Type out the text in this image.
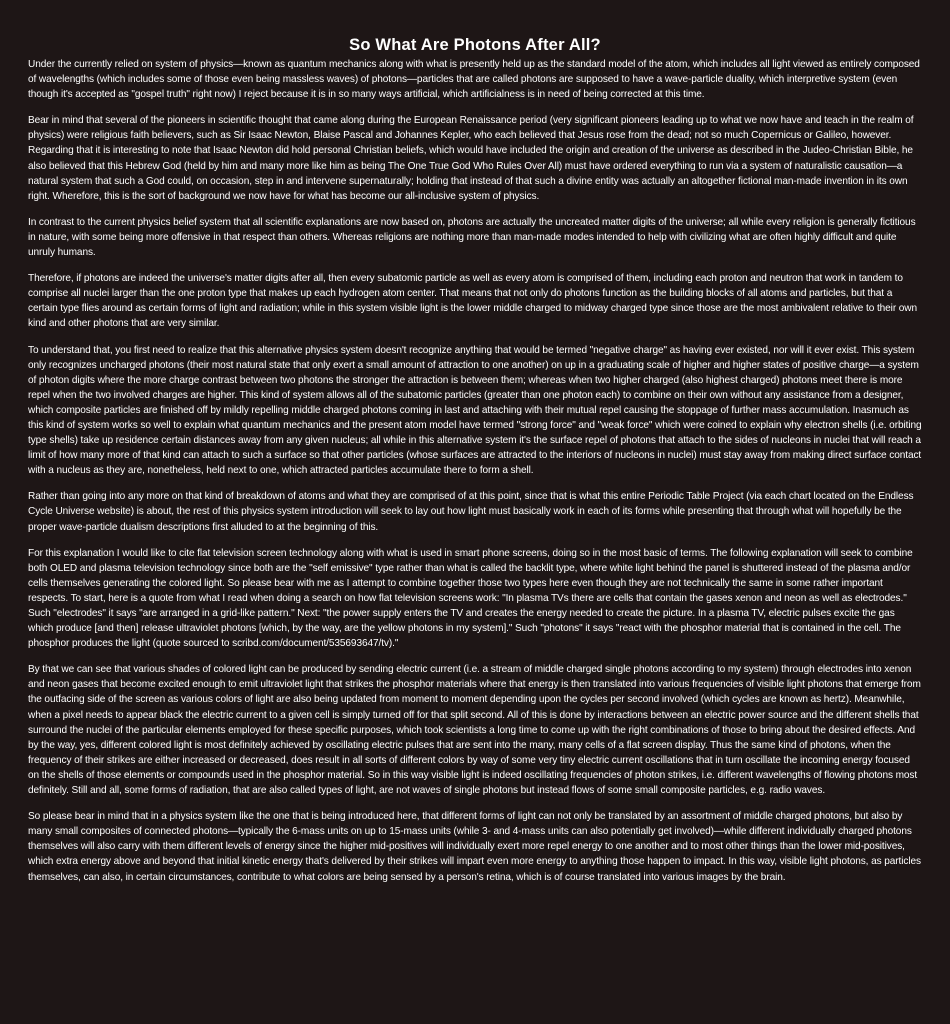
So What Are Photons After All?

Under the currently relied on system of physics—known as quantum mechanics along with what is presently held up as the standard model of the atom, which includes all light viewed as entirely composed of wavelengths (which includes some of those even being massless waves) of photons—particles that are called photons are supposed to have a wave-particle duality, which interpretive system (even though it's accepted as "gospel truth" right now) I reject because it is in so many ways artificial, which artificialness is in need of being corrected at this time.

Bear in mind that several of the pioneers in scientific thought that came along during the European Renaissance period (very significant pioneers leading up to what we now have and teach in the realm of physics) were religious faith believers, such as Sir Isaac Newton, Blaise Pascal and Johannes Kepler, who each believed that Jesus rose from the dead; not so much Copernicus or Galileo, however. Regarding that it is interesting to note that Isaac Newton did hold personal Christian beliefs, which would have included the origin and creation of the universe as described in the Judeo-Christian Bible, he also believed that this Hebrew God (held by him and many more like him as being The One True God Who Rules Over All) must have ordered everything to run via a system of naturalistic causation—a natural system that such a God could, on occasion, step in and intervene supernaturally; holding that instead of that such a divine entity was actually an altogether fictional man-made invention in its own right. Wherefore, this is the sort of background we now have for what has become our all-inclusive system of physics.

In contrast to the current physics belief system that all scientific explanations are now based on, photons are actually the uncreated matter digits of the universe; all while every religion is generally fictitious in nature, with some being more offensive in that respect than others. Whereas religions are nothing more than man-made modes intended to help with civilizing what are often highly difficult and quite unruly humans.

Therefore, if photons are indeed the universe's matter digits after all, then every subatomic particle as well as every atom is comprised of them, including each proton and neutron that work in tandem to comprise all nuclei larger than the one proton type that makes up each hydrogen atom center. That means that not only do photons function as the building blocks of all atoms and particles, but that a certain type flies around as certain forms of light and radiation; while in this system visible light is the lower middle charged to midway charged type since those are the most ambivalent relative to their own kind and other photons that are very similar.

To understand that, you first need to realize that this alternative physics system doesn't recognize anything that would be termed "negative charge" as having ever existed, nor will it ever exist. This system only recognizes uncharged photons (their most natural state that only exert a small amount of attraction to one another) on up in a graduating scale of higher and higher states of positive charge—a system of photon digits where the more charge contrast between two photons the stronger the attraction is between them; whereas when two higher charged (also highest charged) photons meet there is more repel when the two involved charges are higher. This kind of system allows all of the subatomic particles (greater than one photon each) to combine on their own without any assistance from a designer, which composite particles are finished off by mildly repelling middle charged photons coming in last and attaching with their mutual repel causing the stoppage of further mass accumulation. Inasmuch as this kind of system works so well to explain what quantum mechanics and the present atom model have termed "strong force" and "weak force" which were coined to explain why electron shells (i.e. orbiting type shells) take up residence certain distances away from any given nucleus; all while in this alternative system it's the surface repel of photons that attach to the sides of nucleons in nuclei that will reach a limit of how many more of that kind can attach to such a surface so that other particles (whose surfaces are attracted to the interiors of nucleons in nuclei) must stay away from making direct surface contact with a nucleus as they are, nonetheless, held next to one, which attracted particles accumulate there to form a shell.

Rather than going into any more on that kind of breakdown of atoms and what they are comprised of at this point, since that is what this entire Periodic Table Project (via each chart located on the Endless Cycle Universe website) is about, the rest of this physics system introduction will seek to lay out how light must basically work in each of its forms while presenting that through what will hopefully be the proper wave-particle dualism descriptions first alluded to at the beginning of this.

For this explanation I would like to cite flat television screen technology along with what is used in smart phone screens, doing so in the most basic of terms. The following explanation will seek to combine both OLED and plasma television technology since both are the "self emissive" type rather than what is called the backlit type, where white light behind the panel is shuttered instead of the plasma and/or cells themselves generating the colored light. So please bear with me as I attempt to combine together those two types here even though they are not technically the same in some rather important respects. To start, here is a quote from what I read when doing a search on how flat television screens work: "In plasma TVs there are cells that contain the gases xenon and neon as well as electrodes." Such "electrodes" it says "are arranged in a grid-like pattern." Next: "the power supply enters the TV and creates the energy needed to create the picture. In a plasma TV, electric pulses excite the gas which produce [and then] release ultraviolet photons [which, by the way, are the yellow photons in my system]." Such "photons" it says "react with the phosphor material that is contained in the cell. The phosphor produces the light (quote sourced to scribd.com/document/535693647/tv)."

By that we can see that various shades of colored light can be produced by sending electric current (i.e. a stream of middle charged single photons according to my system) through electrodes into xenon and neon gases that become excited enough to emit ultraviolet light that strikes the phosphor materials where that energy is then translated into various frequencies of visible light photons that emerge from the outfacing side of the screen as various colors of light are also being updated from moment to moment depending upon the cycles per second involved (which cycles are known as hertz). Meanwhile, when a pixel needs to appear black the electric current to a given cell is simply turned off for that split second. All of this is done by interactions between an electric power source and the different shells that surround the nuclei of the particular elements employed for these specific purposes, which took scientists a long time to come up with the right combinations of those to bring about the desired effects. And by the way, yes, different colored light is most definitely achieved by oscillating electric pulses that are sent into the many, many cells of a flat screen display. Thus the same kind of photons, when the frequency of their strikes are either increased or decreased, does result in all sorts of different colors by way of some very tiny electric current oscillations that in turn oscillate the incoming energy focused on the shells of those elements or compounds used in the phosphor material. So in this way visible light is indeed oscillating frequencies of photon strikes, i.e. different wavelengths of flowing photons most definitely. Still and all, some forms of radiation, that are also called types of light, are not waves of single photons but instead flows of some small composite particles, e.g. radio waves.

So please bear in mind that in a physics system like the one that is being introduced here, that different forms of light can not only be translated by an assortment of middle charged photons, but also by many small composites of connected photons—typically the 6-mass units on up to 15-mass units (while 3- and 4-mass units can also potentially get involved)—while different individually charged photons themselves will also carry with them different levels of energy since the higher mid-positives will individually exert more repel energy to one another and to most other things than the lower mid-positives, which extra energy above and beyond that initial kinetic energy that's delivered by their strikes will impart even more energy to anything those happen to impact. In this way, visible light photons, as particles themselves, can also, in certain circumstances, contribute to what colors are being sensed by a person's retina, which is of course translated into various images by the brain.
